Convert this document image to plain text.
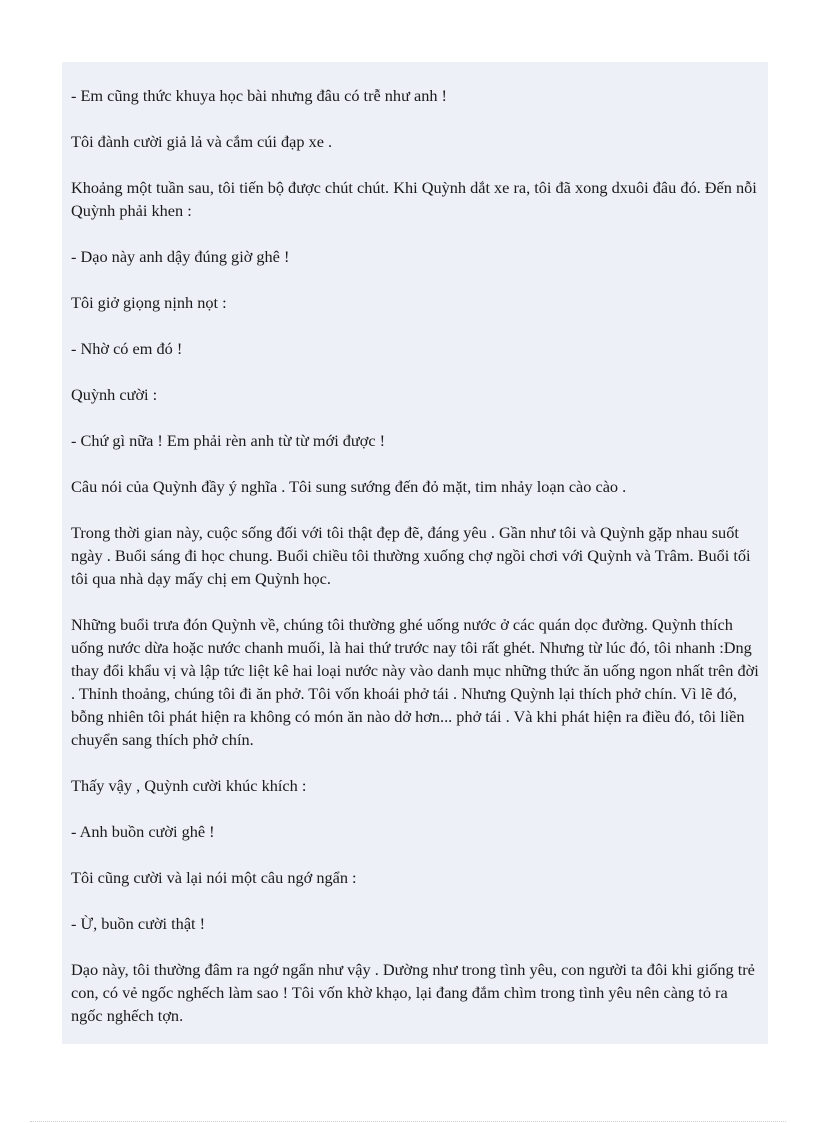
- Em cũng thức khuya học bài nhưng đâu có trễ như anh !

Tôi đành cười giả lả và cắm cúi đạp xe .

Khoảng một tuần sau, tôi tiến bộ được chút chút. Khi Quỳnh dắt xe ra, tôi đã xong dxuôi đâu đó. Đến nỗi Quỳnh phải khen :

- Dạo này anh dậy đúng giờ ghê !

Tôi giở giọng nịnh nọt :

- Nhờ có em đó !

Quỳnh cười :

- Chứ gì nữa ! Em phải rèn anh từ từ mới được !

Câu nói của Quỳnh đầy ý nghĩa . Tôi sung sướng đến đỏ mặt, tim nhảy loạn cào cào .

Trong thời gian này, cuộc sống đối với tôi thật đẹp đẽ, đáng yêu . Gần như tôi và Quỳnh gặp nhau suốt ngày . Buổi sáng đi học chung. Buổi chiều tôi thường xuống chợ ngồi chơi với Quỳnh và Trâm. Buổi tối tôi qua nhà dạy mấy chị em Quỳnh học.

Những buổi trưa đón Quỳnh về, chúng tôi thường ghé uống nước ở các quán dọc đường. Quỳnh thích uống nước dừa hoặc nước chanh muối, là hai thứ trước nay tôi rất ghét. Nhưng từ lúc đó, tôi nhanh :Dng thay đổi khẩu vị và lập tức liệt kê hai loại nước này vào danh mục những thức ăn uống ngon nhất trên đời . Thỉnh thoảng, chúng tôi đi ăn phở. Tôi vốn khoái phở tái . Nhưng Quỳnh lại thích phở chín. Vì lẽ đó, bỗng nhiên tôi phát hiện ra không có món ăn nào dở hơn... phở tái . Và khi phát hiện ra điều đó, tôi liền chuyển sang thích phở chín.

Thấy vậy , Quỳnh cười khúc khích :

- Anh buồn cười ghê !

Tôi cũng cười và lại nói một câu ngớ ngẩn :

- Ừ, buồn cười thật !

Dạo này, tôi thường đâm ra ngớ ngẩn như vậy . Dường như trong tình yêu, con người ta đôi khi giống trẻ con, có vẻ ngốc nghếch làm sao ! Tôi vốn khờ khạo, lại đang đắm chìm trong tình yêu nên càng tỏ ra ngốc nghếch tợn.
